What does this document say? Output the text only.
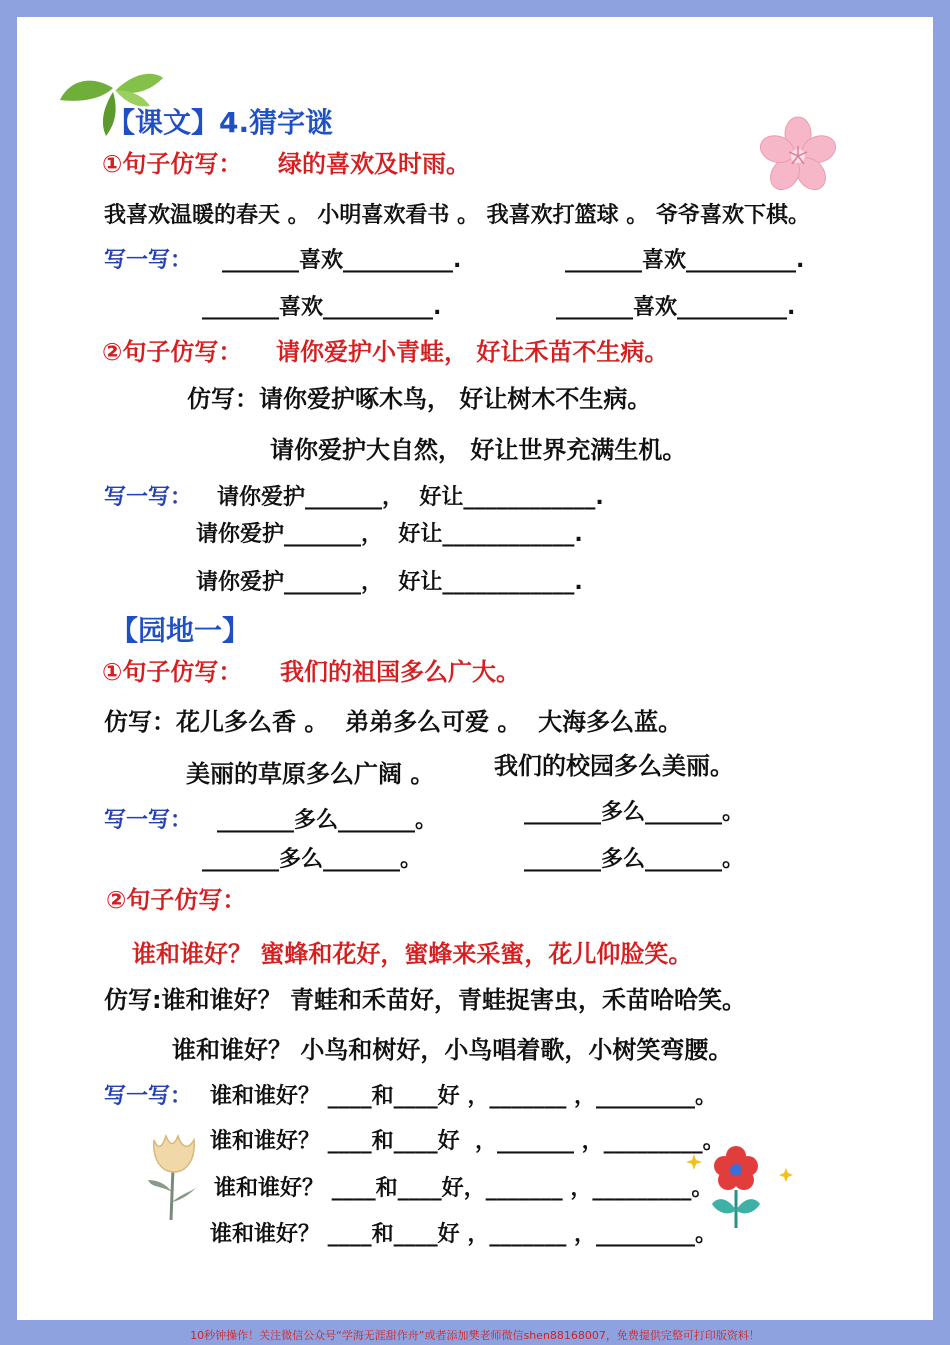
【课文】4.猜字谜
①句子仿写： 绿的喜欢及时雨。
我喜欢温暖的春天 。 小明喜欢看书 。 我喜欢打篮球 。 爷爷喜欢下棋。
写一写： _______喜欢__________.	_______喜欢__________.
_______喜欢__________.	_______喜欢__________.
②句子仿写： 请你爱护小青蛙， 好让禾苗不生病。
仿写：请你爱护啄木鸟， 好让树木不生病。
请你爱护大自然， 好让世界充满生机。
写一写： 请你爱护_______，  好让____________.
请你爱护_______，  好让____________.
请你爱护_______，  好让____________.
【园地一】
①句子仿写： 我们的祖国多么广大。
仿写：花儿多么香 。  弟弟多么可爱 。  大海多么蓝。
美丽的草原多么广阔 。 我们的校园多么美丽。
写一写： _______多么_______。	_______多么_______。
_______多么_______。	_______多么_______。
②句子仿写：
谁和谁好？ 蜜蜂和花好，蜜蜂来采蜜，花儿仰脸笑。
仿写:谁和谁好？ 青蛙和禾苗好，青蛙捉害虫，禾苗哈哈笑。
谁和谁好？ 小鸟和树好，小鸟唱着歌，小树笑弯腰。
写一写： 谁和谁好？ ____和____好 ，_______ ，_________。
谁和谁好？ ____和____好  ，_______ ，_________。
谁和谁好？ ____和____好，_______ ，_________。
谁和谁好？ ____和____好 ，_______ ，_________。
10秒钟操作！关注微信公众号“学海无涯甜作舟”或者添加樊老师微信shen88168007，免费提供完整可打印版资料！
